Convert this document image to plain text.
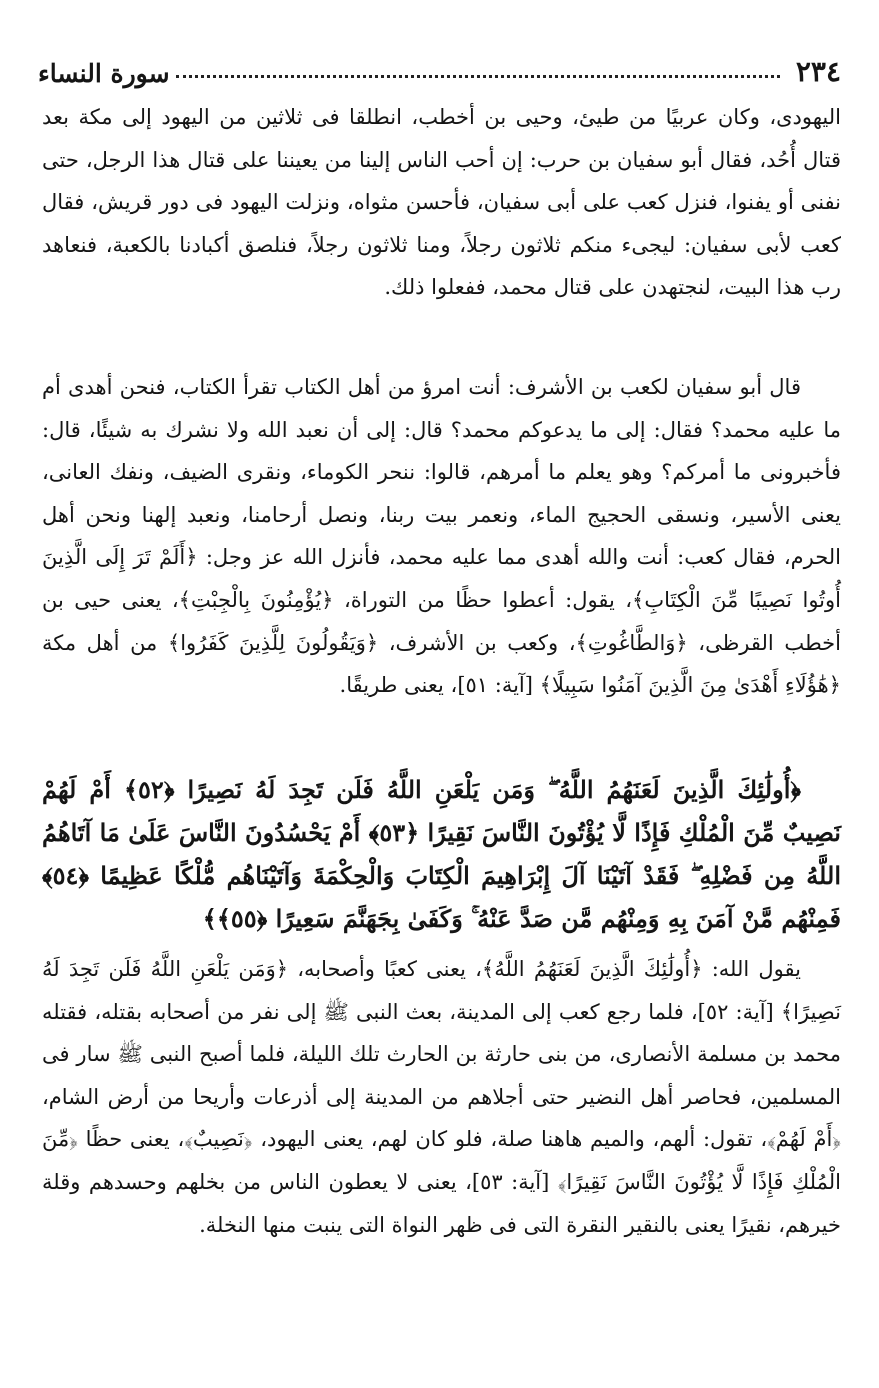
٢٣٤
سورة النساء

اليهودى، وكان عربيًا من طيئ، وحيى بن أخطب، انطلقا فى ثلاثين من اليهود إلى مكة بعد قتال أُحُد، فقال أبو سفيان بن حرب: إن أحب الناس إلينا من يعيننا على قتال هذا الرجل، حتى نفنى أو يفنوا، فنزل كعب على أبى سفيان، فأحسن مثواه، ونزلت اليهود فى دور قريش، فقال كعب لأبى سفيان: ليجىء منكم ثلاثون رجلاً، ومنا ثلاثون رجلاً، فنلصق أكبادنا بالكعبة، فنعاهد رب هذا البيت، لنجتهدن على قتال محمد، ففعلوا ذلك.

قال أبو سفيان لكعب بن الأشرف: أنت امرؤ من أهل الكتاب تقرأ الكتاب، فنحن أهدى أم ما عليه محمد؟ فقال: إلى ما يدعوكم محمد؟ قال: إلى أن نعبد الله ولا نشرك به شيئًا، قال: فأخبرونى ما أمركم؟ وهو يعلم ما أمرهم، قالوا: ننحر الكوماء، ونقرى الضيف، ونفك العانى، يعنى الأسير، ونسقى الحجيج الماء، ونعمر بيت ربنا، ونصل أرحامنا، ونعبد إلهنا ونحن أهل الحرم، فقال كعب: أنت والله أهدى مما عليه محمد، فأنزل الله عز وجل: ﴿أَلَمْ تَرَ إِلَى الَّذِينَ أُوتُوا نَصِيبًا مِّنَ الْكِتَابِ﴾، يقول: أعطوا حظًا من التوراة، ﴿يُؤْمِنُونَ بِالْجِبْتِ﴾، يعنى حيى بن أخطب القرظى، ﴿وَالطَّاغُوتِ﴾، وكعب بن الأشرف، ﴿وَيَقُولُونَ لِلَّذِينَ كَفَرُوا﴾ من أهل مكة ﴿هَٰؤُلَاءِ أَهْدَىٰ مِنَ الَّذِينَ آمَنُوا سَبِيلًا﴾ [آية: ٥١]، يعنى طريقًا.

﴿أُولَٰئِكَ الَّذِينَ لَعَنَهُمُ اللَّهُ ۖ وَمَن يَلْعَنِ اللَّهُ فَلَن تَجِدَ لَهُ نَصِيرًا ﴿٥٢﴾ أَمْ لَهُمْ نَصِيبٌ مِّنَ الْمُلْكِ فَإِذًا لَّا يُؤْتُونَ النَّاسَ نَقِيرًا ﴿٥٣﴾ أَمْ يَحْسُدُونَ النَّاسَ عَلَىٰ مَا آتَاهُمُ اللَّهُ مِن فَضْلِهِ ۖ فَقَدْ آتَيْنَا آلَ إِبْرَاهِيمَ الْكِتَابَ وَالْحِكْمَةَ وَآتَيْنَاهُم مُّلْكًا عَظِيمًا ﴿٥٤﴾ فَمِنْهُم مَّنْ آمَنَ بِهِ وَمِنْهُم مَّن صَدَّ عَنْهُ ۚ وَكَفَىٰ بِجَهَنَّمَ سَعِيرًا ﴿٥٥﴾﴾

يقول الله: ﴿أُولَٰئِكَ الَّذِينَ لَعَنَهُمُ اللَّهُ﴾، يعنى كعبًا وأصحابه، ﴿وَمَن يَلْعَنِ اللَّهُ فَلَن تَجِدَ لَهُ نَصِيرًا﴾ [آية: ٥٢]، فلما رجع كعب إلى المدينة، بعث النبى ﷺ إلى نفر من أصحابه بقتله، فقتله محمد بن مسلمة الأنصارى، من بنى حارثة بن الحارث تلك الليلة، فلما أصبح النبى ﷺ سار فى المسلمين، فحاصر أهل النضير حتى أجلاهم من المدينة إلى أذرعات وأريحا من أرض الشام، ﴿أَمْ لَهُمْ﴾، تقول: ألهم، والميم هاهنا صلة، فلو كان لهم، يعنى اليهود، ﴿نَصِيبٌ﴾، يعنى حظًا ﴿مِّنَ الْمُلْكِ فَإِذًا لَّا يُؤْتُونَ النَّاسَ نَقِيرًا﴾ [آية: ٥٣]، يعنى لا يعطون الناس من بخلهم وحسدهم وقلة خيرهم، نقيرًا يعنى بالنقير النقرة التى فى ظهر النواة التى ينبت منها النخلة.
